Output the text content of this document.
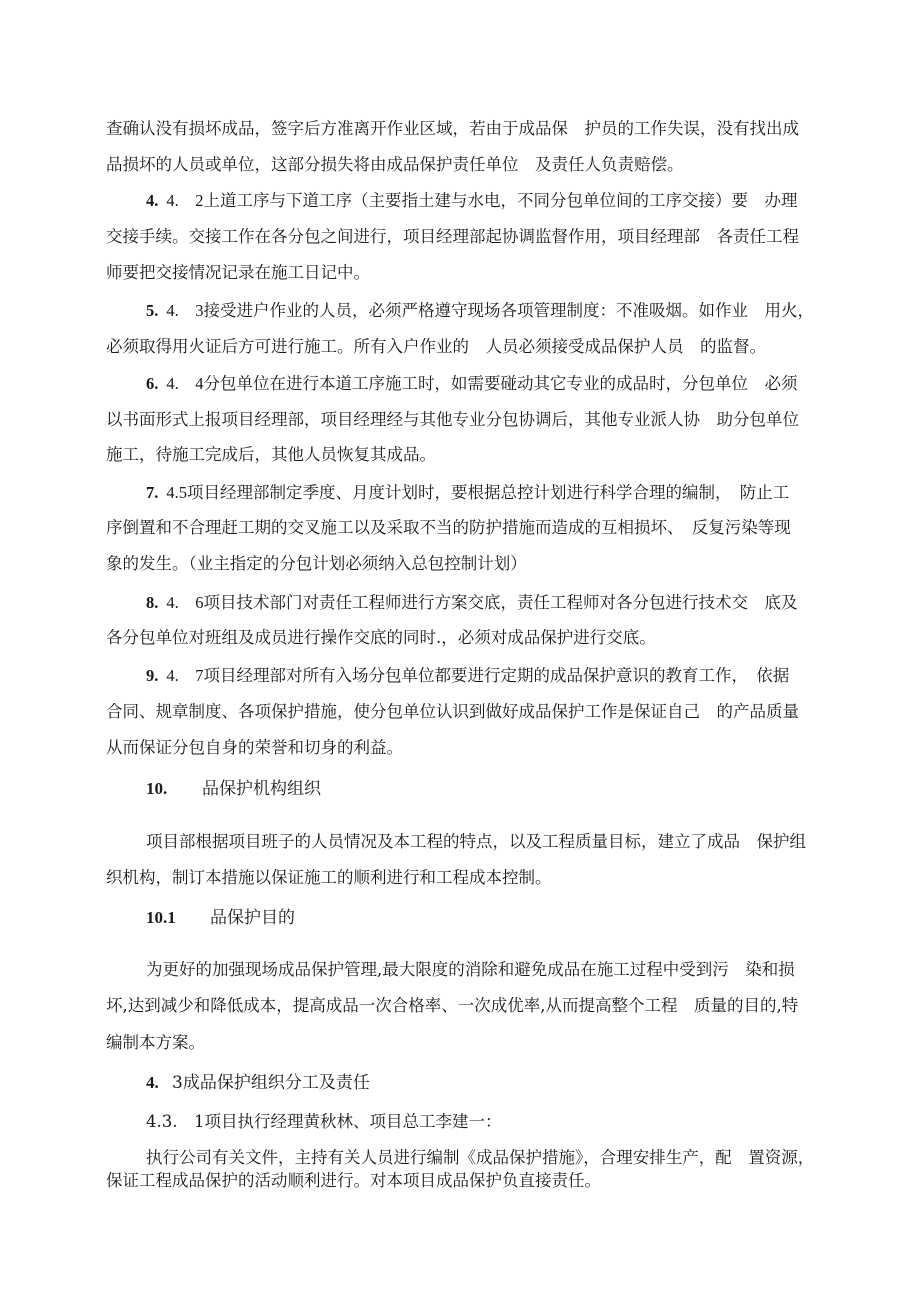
查确认没有损坏成品，签字后方准离开作业区域，若由于成品保　护员的工作失误，没有找出成
品损坏的人员或单位，这部分损失将由成品保护责任单位　及责任人负责赔偿。
4. 4.　2上道工序与下道工序（主要指土建与水电，不同分包单位间的工序交接）要　办理
交接手续。交接工作在各分包之间进行，项目经理部起协调监督作用，项目经理部　各责任工程
师要把交接情况记录在施工日记中。
5. 4.　3接受进户作业的人员，必须严格遵守现场各项管理制度：不准吸烟。如作业　用火，
必须取得用火证后方可进行施工。所有入户作业的　人员必须接受成品保护人员　的监督。
6. 4.　4分包单位在进行本道工序施工时，如需要碰动其它专业的成品时，分包单位　必须
以书面形式上报项目经理部，项目经理经与其他专业分包协调后，其他专业派人协　助分包单位
施工，待施工完成后，其他人员恢复其成品。
7. 4.5项目经理部制定季度、月度计划时，要根据总控计划进行科学合理的编制，　防止工
序倒置和不合理赶工期的交叉施工以及采取不当的防护措施而造成的互相损坏、　反复污染等现
象的发生。（业主指定的分包计划必须纳入总包控制计划）
8. 4.　6项目技术部门对责任工程师进行方案交底，责任工程师对各分包进行技术交　底及
各分包单位对班组及成员进行操作交底的同时.，必须对成品保护进行交底。
9. 4.　7项目经理部对所有入场分包单位都要进行定期的成品保护意识的教育工作，　依据
合同、规章制度、各项保护措施，使分包单位认识到做好成品保护工作是保证自己　的产品质量
从而保证分包自身的荣誉和切身的利益。
10. 品保护机构组织
项目部根据项目班子的人员情况及本工程的特点，以及工程质量目标，建立了成品　保护组
织机构，制订本措施以保证施工的顺利进行和工程成本控制。
10.1 品保护目的
为更好的加强现场成品保护管理,最大限度的消除和避免成品在施工过程中受到污　染和损
坏,达到减少和降低成本，提高成品一次合格率、一次成优率,从而提高整个工程　质量的目的,特
编制本方案。
4. 3成品保护组织分工及责任
4.3.　1项目执行经理黄秋林、项目总工李建一：
执行公司有关文件，主持有关人员进行编制《成品保护措施》，合理安排生产，配　置资源，
保证工程成品保护的活动顺利进行。对本项目成品保护负直接责任。
